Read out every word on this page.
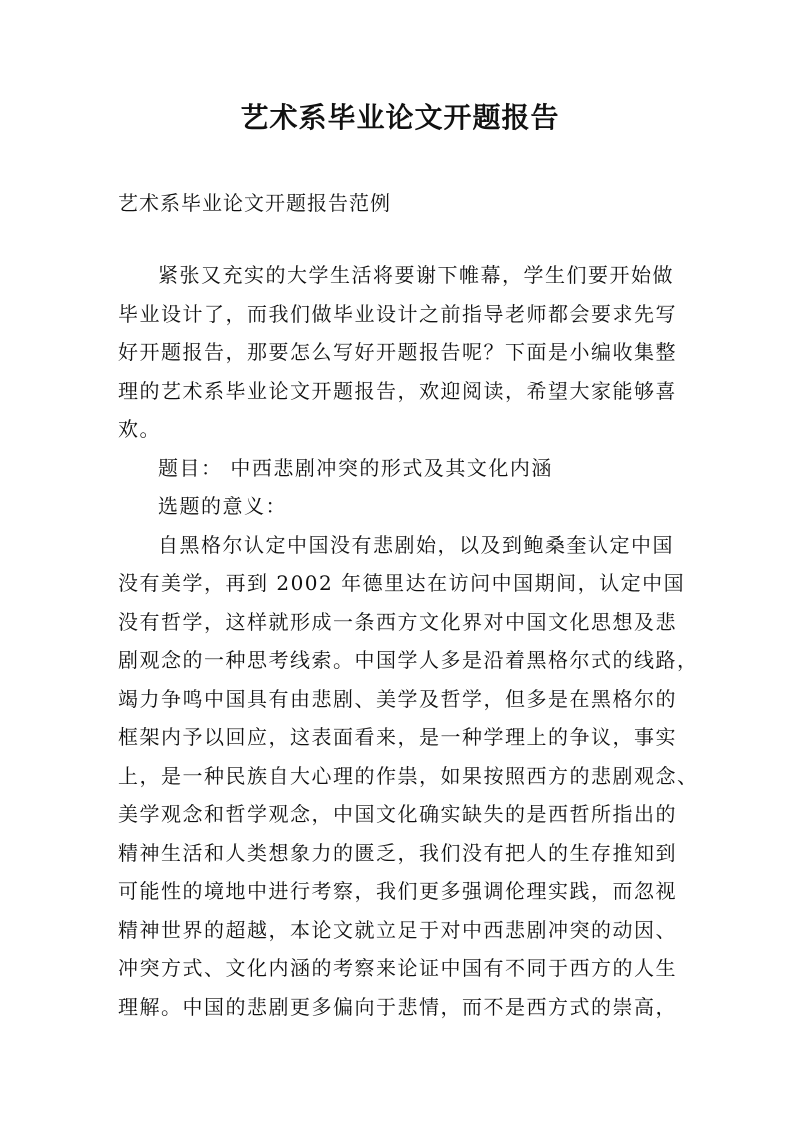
艺术系毕业论文开题报告
艺术系毕业论文开题报告范例

紧张又充实的大学生活将要谢下帷幕，学生们要开始做
毕业设计了，而我们做毕业设计之前指导老师都会要求先写
好开题报告，那要怎么写好开题报告呢？下面是小编收集整
理的艺术系毕业论文开题报告，欢迎阅读，希望大家能够喜
欢。

题目： 中西悲剧冲突的形式及其文化内涵

选题的意义：

自黑格尔认定中国没有悲剧始，以及到鲍桑奎认定中国
没有美学，再到 2002 年德里达在访问中国期间，认定中国
没有哲学，这样就形成一条西方文化界对中国文化思想及悲
剧观念的一种思考线索。中国学人多是沿着黑格尔式的线路，
竭力争鸣中国具有由悲剧、美学及哲学，但多是在黑格尔的
框架内予以回应，这表面看来，是一种学理上的争议，事实
上，是一种民族自大心理的作祟，如果按照西方的悲剧观念、
美学观念和哲学观念，中国文化确实缺失的是西哲所指出的
精神生活和人类想象力的匮乏，我们没有把人的生存推知到
可能性的境地中进行考察，我们更多强调伦理实践，而忽视
精神世界的超越，本论文就立足于对中西悲剧冲突的动因、
冲突方式、文化内涵的考察来论证中国有不同于西方的人生
理解。中国的悲剧更多偏向于悲情，而不是西方式的崇高，
